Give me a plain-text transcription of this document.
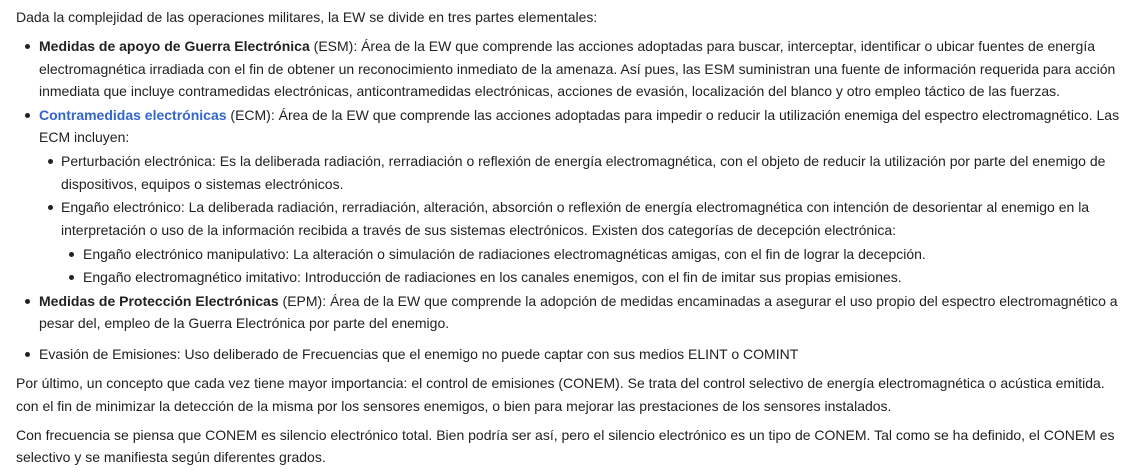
Dada la complejidad de las operaciones militares, la EW se divide en tres partes elementales:

Medidas de apoyo de Guerra Electrónica (ESM): Área de la EW que comprende las acciones adoptadas para buscar, interceptar, identificar o ubicar fuentes de energía electromagnética irradiada con el fin de obtener un reconocimiento inmediato de la amenaza. Así pues, las ESM suministran una fuente de información requerida para acción inmediata que incluye contramedidas electrónicas, anticontramedidas electrónicas, acciones de evasión, localización del blanco y otro empleo táctico de las fuerzas.
Contramedidas electrónicas (ECM): Área de la EW que comprende las acciones adoptadas para impedir o reducir la utilización enemiga del espectro electromagnético. Las ECM incluyen:
Perturbación electrónica: Es la deliberada radiación, rerradiación o reflexión de energía electromagnética, con el objeto de reducir la utilización por parte del enemigo de dispositivos, equipos o sistemas electrónicos.
Engaño electrónico: La deliberada radiación, rerradiación, alteración, absorción o reflexión de energía electromagnética con intención de desorientar al enemigo en la interpretación o uso de la información recibida a través de sus sistemas electrónicos. Existen dos categorías de decepción electrónica:
Engaño electrónico manipulativo: La alteración o simulación de radiaciones electromagnéticas amigas, con el fin de lograr la decepción.
Engaño electromagnético imitativo: Introducción de radiaciones en los canales enemigos, con el fin de imitar sus propias emisiones.
Medidas de Protección Electrónicas (EPM): Área de la EW que comprende la adopción de medidas encaminadas a asegurar el uso propio del espectro electromagnético a pesar del, empleo de la Guerra Electrónica por parte del enemigo.
Evasión de Emisiones: Uso deliberado de Frecuencias que el enemigo no puede captar con sus medios ELINT o COMINT

Por último, un concepto que cada vez tiene mayor importancia: el control de emisiones (CONEM). Se trata del control selectivo de energía electromagnética o acústica emitida. con el fin de minimizar la detección de la misma por los sensores enemigos, o bien para mejorar las prestaciones de los sensores instalados.

Con frecuencia se piensa que CONEM es silencio electrónico total. Bien podría ser así, pero el silencio electrónico es un tipo de CONEM. Tal como se ha definido, el CONEM es selectivo y se manifiesta según diferentes grados.
